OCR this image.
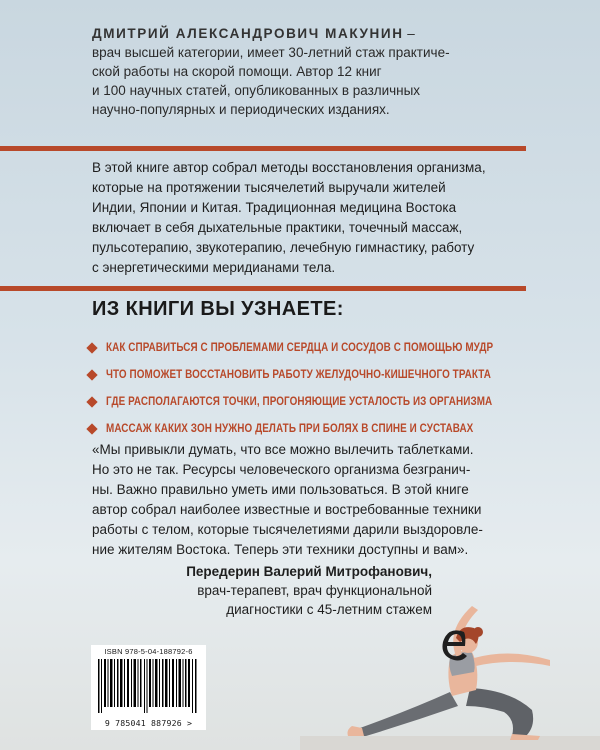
ДМИТРИЙ АЛЕКСАНДРОВИЧ МАКУНИН –

врач высшей категории, имеет 30-летний стаж практиче-

ской работы на скорой помощи. Автор 12 книг

и 100 научных статей, опубликованных в различных

научно-популярных и периодических изданиях.

В этой книге автор собрал методы восстановления организма,
которые на протяжении тысячелетий выручали жителей
Индии, Японии и Китая. Традиционная медицина Востока
включает в себя дыхательные практики, точечный массаж,
пульсотерапию, звукотерапию, лечебную гимнастику, работу
с энергетическими меридианами тела.
ИЗ КНИГИ ВЫ УЗНАЕТЕ:
КАК СПРАВИТЬСЯ С ПРОБЛЕМАМИ СЕРДЦА И СОСУДОВ С ПОМОЩЬЮ МУДР
ЧТО ПОМОЖЕТ ВОССТАНОВИТЬ РАБОТУ ЖЕЛУДОЧНО-КИШЕЧНОГО ТРАКТА
ГДЕ РАСПОЛАГАЮТСЯ ТОЧКИ, ПРОГОНЯЮЩИЕ УСТАЛОСТЬ ИЗ ОРГАНИЗМА
МАССАЖ КАКИХ ЗОН НУЖНО ДЕЛАТЬ ПРИ БОЛЯХ В СПИНЕ И СУСТАВАХ
«Мы привыкли думать, что все можно вылечить таблетками.
Но это не так. Ресурсы человеческого организма безгранич-
ны. Важно правильно уметь ими пользоваться. В этой книге
автор собрал наиболее известные и востребованные техники
работы с телом, которые тысячелетиями дарили выздоровле-
ние жителям Востока. Теперь эти техники доступны и вам».

Передерин Валерий Митрофанович,

врач-терапевт, врач функциональной

диагностики с 45-летним стажем

ISBN 978-5-04-188792-6
9 785041 887926 >
